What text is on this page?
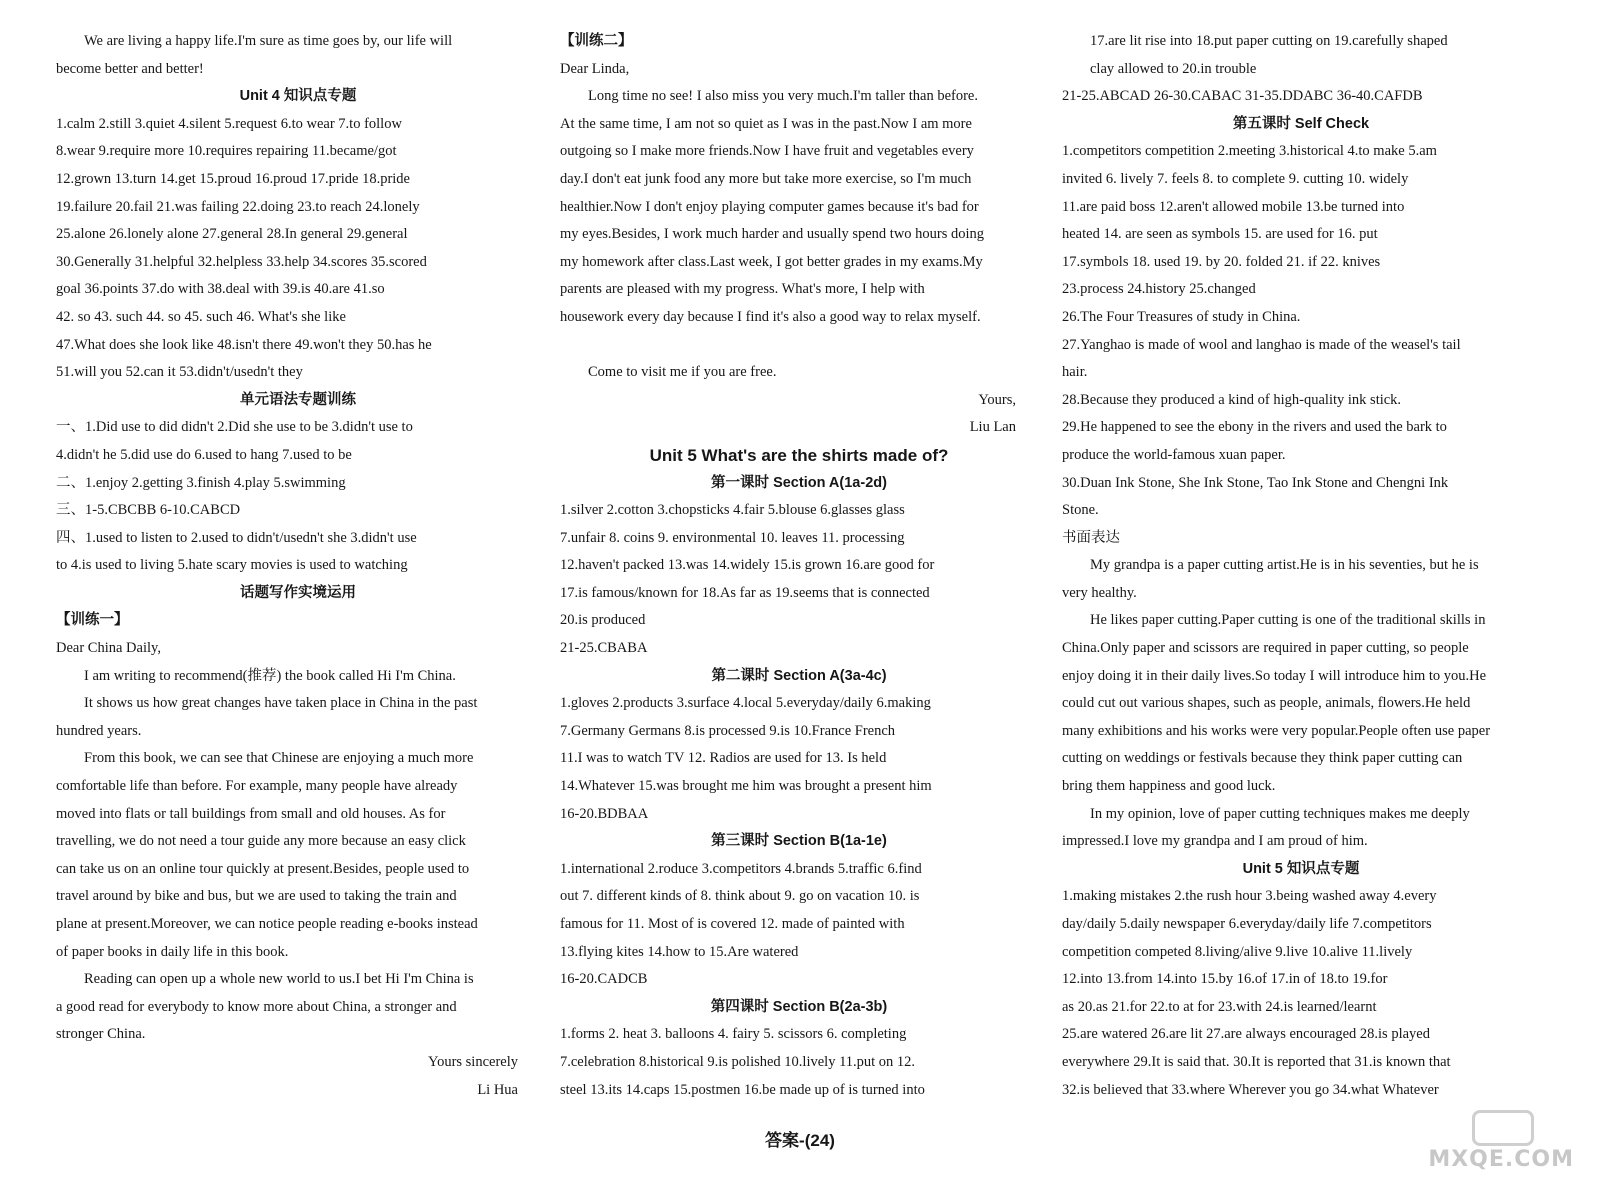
We are living a happy life.I'm sure as time goes by, our life will
become better and better!
Unit 4 知识点专题
1.calm 2.still 3.quiet 4.silent 5.request 6.to wear 7.to follow
8.wear 9.require more 10.requires repairing 11.became/got
12.grown 13.turn 14.get 15.proud 16.proud 17.pride 18.pride
19.failure 20.fail 21.was failing 22.doing 23.to reach 24.lonely
25.alone 26.lonely alone 27.general 28.In general 29.general
30.Generally 31.helpful 32.helpless 33.help 34.scores 35.scored
goal 36.points 37.do with 38.deal with 39.is 40.are 41.so
42. so 43. such 44. so 45. such 46. What's she like
47.What does she look like 48.isn't there 49.won't they 50.has he
51.will you 52.can it 53.didn't/usedn't they
单元语法专题训练
一、1.Did use to did didn't 2.Did she use to be 3.didn't use to
4.didn't he 5.did use do 6.used to hang 7.used to be
二、1.enjoy 2.getting 3.finish 4.play 5.swimming
三、1-5.CBCBB 6-10.CABCD
四、1.used to listen to 2.used to didn't/usedn't she 3.didn't use
to 4.is used to living 5.hate scary movies is used to watching
话题写作实境运用
【训练一】
Dear China Daily,
I am writing to recommend(推荐) the book called Hi I'm China.
It shows us how great changes have taken place in China in the past
hundred years.
From this book, we can see that Chinese are enjoying a much more
comfortable life than before. For example, many people have already
moved into flats or tall buildings from small and old houses. As for
travelling, we do not need a tour guide any more because an easy click
can take us on an online tour quickly at present.Besides, people used to
travel around by bike and bus, but we are used to taking the train and
plane at present.Moreover, we can notice people reading e-books instead
of paper books in daily life in this book.
Reading can open up a whole new world to us.I bet Hi I'm China is
a good read for everybody to know more about China, a stronger and
stronger China.
Yours sincerely
Li Hua
【训练二】
Dear Linda,
Long time no see! I also miss you very much.I'm taller than before.
At the same time, I am not so quiet as I was in the past.Now I am more
outgoing so I make more friends.Now I have fruit and vegetables every
day.I don't eat junk food any more but take more exercise, so I'm much
healthier.Now I don't enjoy playing computer games because it's bad for
my eyes.Besides, I work much harder and usually spend two hours doing
my homework after class.Last week, I got better grades in my exams.My
parents are pleased with my progress. What's more, I help with
housework every day because I find it's also a good way to relax myself.
Come to visit me if you are free.
Yours,
Liu Lan
Unit 5 What's are the shirts made of?
第一课时 Section A(1a-2d)
1.silver 2.cotton 3.chopsticks 4.fair 5.blouse 6.glasses glass
7.unfair 8. coins 9. environmental 10. leaves 11. processing
12.haven't packed 13.was 14.widely 15.is grown 16.are good for
17.is famous/known for 18.As far as 19.seems that is connected
20.is produced
21-25.CBABA
第二课时 Section A(3a-4c)
1.gloves 2.products 3.surface 4.local 5.everyday/daily 6.making
7.Germany Germans 8.is processed 9.is 10.France French
11.I was to watch TV 12. Radios are used for 13. Is held
14.Whatever 15.was brought me him was brought a present him
16-20.BDBAA
第三课时 Section B(1a-1e)
1.international 2.roduce 3.competitors 4.brands 5.traffic 6.find
out 7. different kinds of 8. think about 9. go on vacation 10. is
famous for 11. Most of is covered 12. made of painted with
13.flying kites 14.how to 15.Are watered
16-20.CADCB
第四课时 Section B(2a-3b)
1.forms 2. heat 3. balloons 4. fairy 5. scissors 6. completing
7.celebration 8.historical 9.is polished 10.lively 11.put on 12.
steel 13.its 14.caps 15.postmen 16.be made up of is turned into
17.are lit rise into 18.put paper cutting on 19.carefully shaped
clay allowed to 20.in trouble
21-25.ABCAD 26-30.CABAC 31-35.DDABC 36-40.CAFDB
第五课时 Self Check
1.competitors competition 2.meeting 3.historical 4.to make 5.am
invited 6. lively 7. feels 8. to complete 9. cutting 10. widely
11.are paid boss 12.aren't allowed mobile 13.be turned into
heated 14. are seen as symbols 15. are used for 16. put
17.symbols 18. used 19. by 20. folded 21. if 22. knives
23.process 24.history 25.changed
26.The Four Treasures of study in China.
27.Yanghao is made of wool and langhao is made of the weasel's tail
hair.
28.Because they produced a kind of high-quality ink stick.
29.He happened to see the ebony in the rivers and used the bark to
produce the world-famous xuan paper.
30.Duan Ink Stone, She Ink Stone, Tao Ink Stone and Chengni Ink
Stone.
书面表达
My grandpa is a paper cutting artist.He is in his seventies, but he is
very healthy.
He likes paper cutting.Paper cutting is one of the traditional skills in
China.Only paper and scissors are required in paper cutting, so people
enjoy doing it in their daily lives.So today I will introduce him to you.He
could cut out various shapes, such as people, animals, flowers.He held
many exhibitions and his works were very popular.People often use paper
cutting on weddings or festivals because they think paper cutting can
bring them happiness and good luck.
In my opinion, love of paper cutting techniques makes me deeply
impressed.I love my grandpa and I am proud of him.
Unit 5 知识点专题
1.making mistakes 2.the rush hour 3.being washed away 4.every
day/daily 5.daily newspaper 6.everyday/daily life 7.competitors
competition competed 8.living/alive 9.live 10.alive 11.lively
12.into 13.from 14.into 15.by 16.of 17.in of 18.to 19.for
as 20.as 21.for 22.to at for 23.with 24.is learned/learnt
25.are watered 26.are lit 27.are always encouraged 28.is played
everywhere 29.It is said that. 30.It is reported that 31.is known that
32.is believed that 33.where Wherever you go 34.what Whatever
答案-(24)
MXQE.COM
